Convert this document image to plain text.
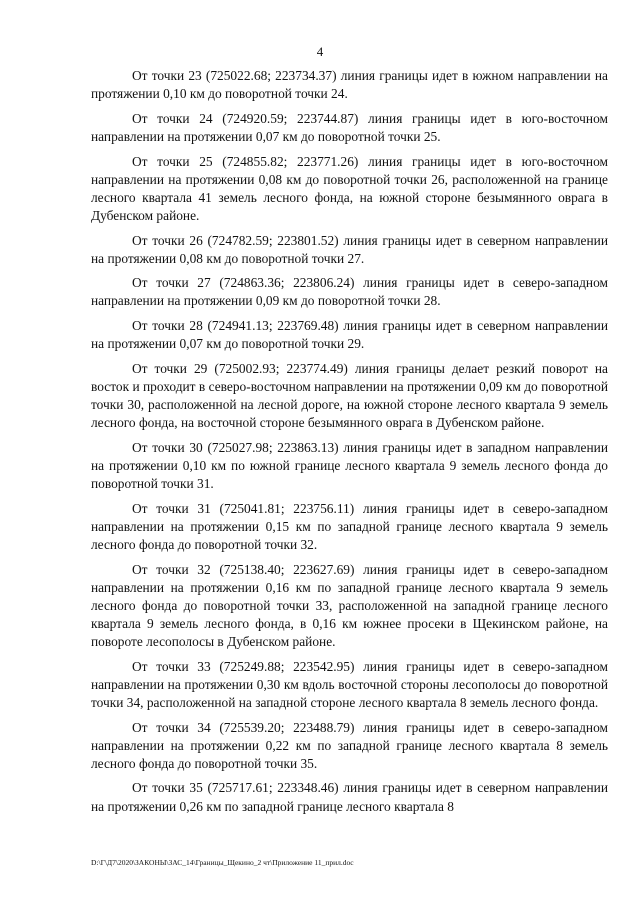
4

От точки 23 (725022.68; 223734.37) линия границы идет в южном направлении на протяжении 0,10 км до поворотной точки 24.

От точки 24 (724920.59; 223744.87) линия границы идет в юго-восточном направлении на протяжении 0,07 км до поворотной точки 25.

От точки 25 (724855.82; 223771.26) линия границы идет в юго-восточном направлении на протяжении 0,08 км до поворотной точки 26, расположенной на границе лесного квартала 41 земель лесного фонда, на южной стороне безымянного оврага в Дубенском районе.

От точки 26 (724782.59; 223801.52) линия границы идет в северном направлении на протяжении 0,08 км до поворотной точки 27.

От точки 27 (724863.36; 223806.24) линия границы идет в северо-западном направлении на протяжении 0,09 км до поворотной точки 28.

От точки 28 (724941.13; 223769.48) линия границы идет в северном направлении на протяжении 0,07 км до поворотной точки 29.

От точки 29 (725002.93; 223774.49) линия границы делает резкий поворот на восток и проходит в северо-восточном направлении на протяжении 0,09 км до поворотной точки 30, расположенной на лесной дороге, на южной стороне лесного квартала 9 земель лесного фонда, на восточной стороне безымянного оврага в Дубенском районе.

От точки 30 (725027.98; 223863.13) линия границы идет в западном направлении на протяжении 0,10 км по южной границе лесного квартала 9 земель лесного фонда до поворотной точки 31.

От точки 31 (725041.81; 223756.11) линия границы идет в северо-западном направлении на протяжении 0,15 км по западной границе лесного квартала 9 земель лесного фонда до поворотной точки 32.

От точки 32 (725138.40; 223627.69) линия границы идет в северо-западном направлении на протяжении 0,16 км по западной границе лесного квартала 9 земель лесного фонда до поворотной точки 33, расположенной на западной границе лесного квартала 9 земель лесного фонда, в 0,16 км южнее просеки в Щекинском районе, на повороте лесополосы в Дубенском районе.

От точки 33 (725249.88; 223542.95) линия границы идет в северо-западном направлении на протяжении 0,30 км вдоль восточной стороны лесополосы до поворотной точки 34, расположенной на западной стороне лесного квартала 8 земель лесного фонда.

От точки 34 (725539.20; 223488.79) линия границы идет в северо-западном направлении на протяжении 0,22 км по западной границе лесного квартала 8 земель лесного фонда до поворотной точки 35.

От точки 35 (725717.61; 223348.46) линия границы идет в северном направлении на протяжении 0,26 км по западной границе лесного квартала 8

D:\Г\Д7\2020\ЗАКОНЫ\ЗАС_14\Границы_Щекино_2 чт\Приложение 11_прил.doc
